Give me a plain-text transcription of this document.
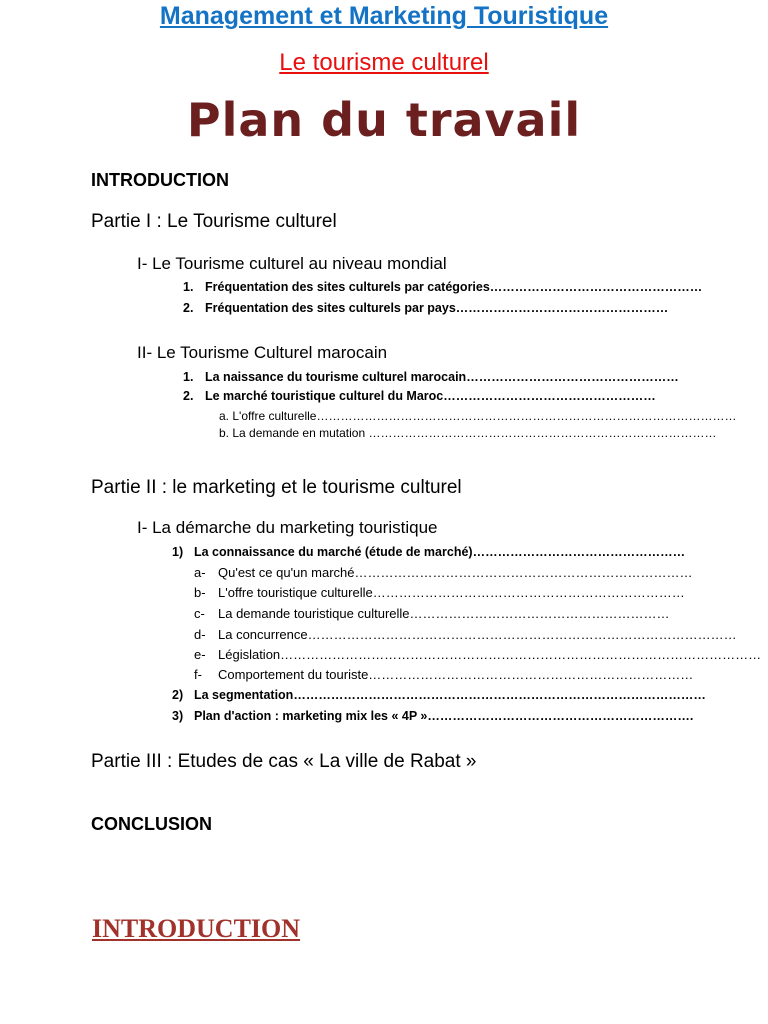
Management et Marketing Touristique
Le tourisme culturel
Plan du travail
INTRODUCTION
Partie I : Le Tourisme culturel
I- Le Tourisme culturel au niveau mondial
1. Fréquentation des sites culturels par catégories……………………………………………
2. Fréquentation des sites culturels par pays……………………………………………
II- Le Tourisme Culturel marocain
1. La naissance du tourisme culturel marocain……………………………………………
2. Le marché touristique culturel du Maroc……………………………………………
a. L'offre culturelle……………………………………………………………………………………………
b. La demande en mutation ……………………………………………………………………………
Partie II : le marketing et le tourisme culturel
I- La démarche du marketing touristique
1) La connaissance du marché (étude de marché)……………………………………………
a- Qu'est ce qu'un marché……………………………………………………………………
b- L'offre touristique culturelle………………………………………………………………
c- La demande touristique culturelle……………………………………………………
d- La concurrence………………………………………………………………………………………
e- Législation…………………………………………………………………………………………………
f- Comportement du touriste…………………………………………………………………
2) La segmentation………………………………………………………………………………………
3) Plan d'action : marketing mix les « 4P »……………………………………………………….
Partie III : Etudes de cas « La ville de Rabat »
CONCLUSION
INTRODUCTION
